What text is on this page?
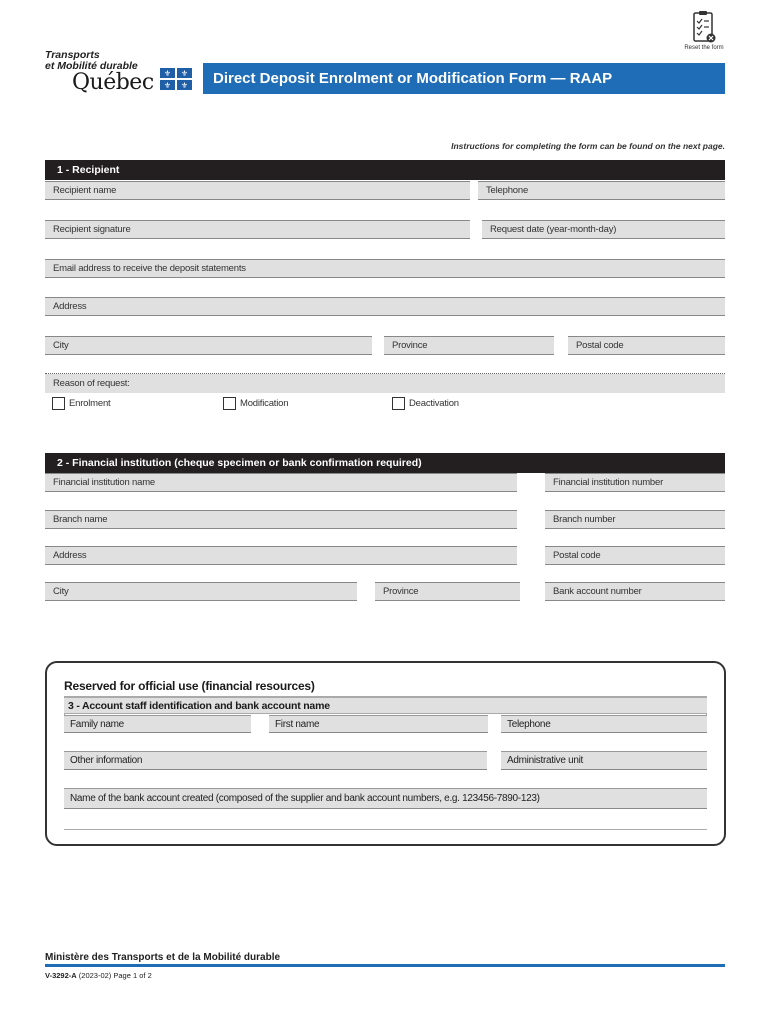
Transports
et Mobilité durable
Québec	⚜	⚜
⚜	⚜ Direct Deposit Enrolment or Modification Form — RAAP
Reset the form
Instructions for completing the form can be found on the next page.
1 - Recipient
Recipient name	Telephone
Recipient signature	Request date (year-month-day)
Email address to receive the deposit statements
Address
City	Province	Postal code
Reason of request:
Enrolment	Modification	Deactivation
2 - Financial institution (cheque specimen or bank confirmation required)
Financial institution name	Financial institution number
Branch name	Branch number
Address	Postal code
City	Province	Bank account number
Reserved for official use (financial resources)
3 - Account staff identification and bank account name
Family name	First name	Telephone
Other information	Administrative unit
Name of the bank account created (composed of the supplier and bank account numbers, e.g. 123456-7890-123)
Ministère des Transports et de la Mobilité durable
V-3292-A (2023-02) Page 1 of 2
